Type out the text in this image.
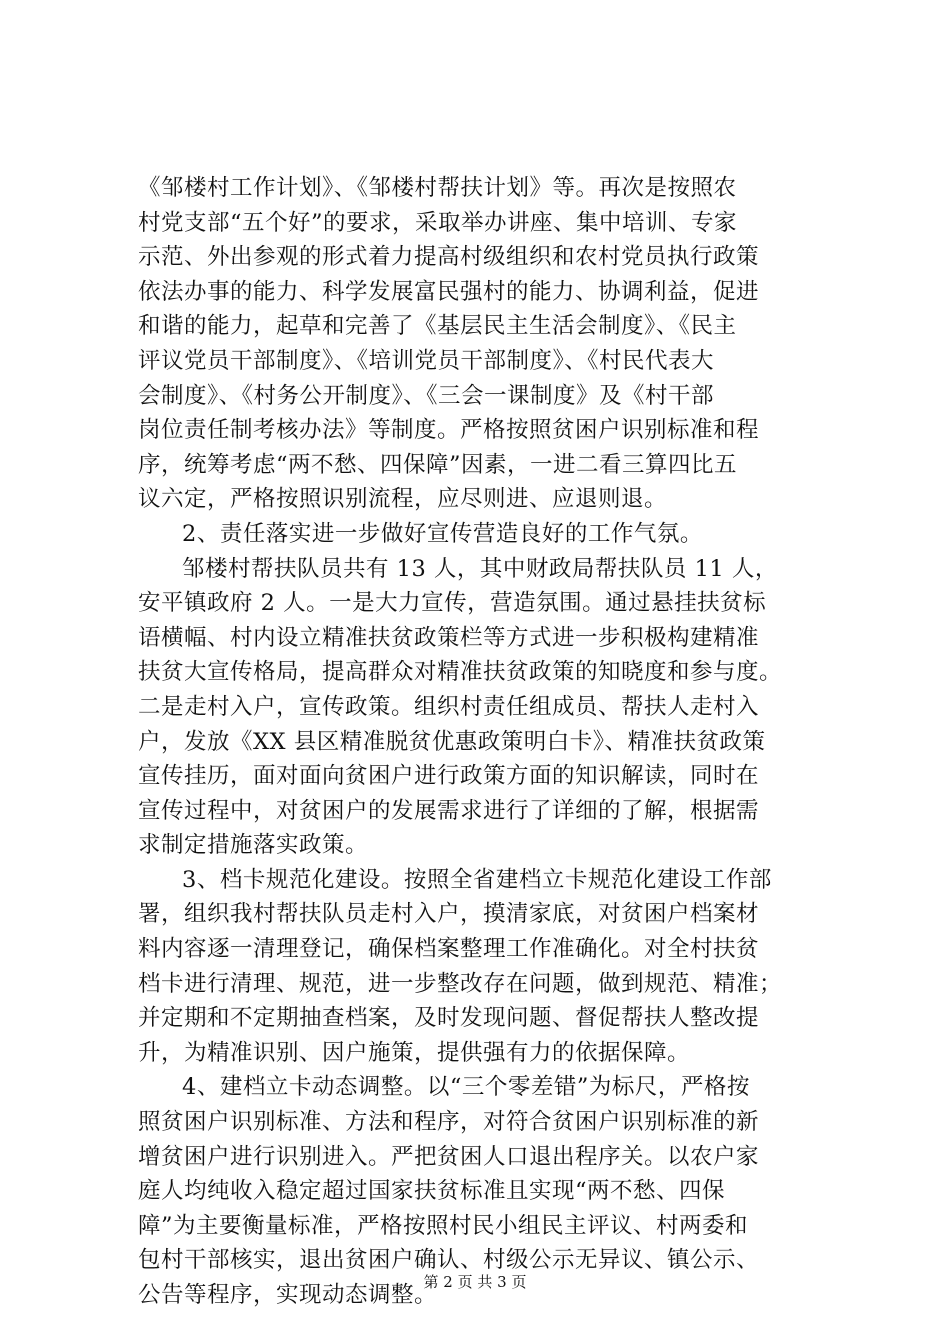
《邹楼村工作计划》、《邹楼村帮扶计划》等。再次是按照农
村党支部“五个好”的要求，采取举办讲座、集中培训、专家
示范、外出参观的形式着力提高村级组织和农村党员执行政策
依法办事的能力、科学发展富民强村的能力、协调利益，促进
和谐的能力，起草和完善了《基层民主生活会制度》、《民主
评议党员干部制度》、《培训党员干部制度》、《村民代表大
会制度》、《村务公开制度》、《三会一课制度》及《村干部
岗位责任制考核办法》等制度。严格按照贫困户识别标准和程
序，统筹考虑“两不愁、四保障”因素，一进二看三算四比五
议六定，严格按照识别流程，应尽则进、应退则退。
2、责任落实进一步做好宣传营造良好的工作气氛。
邹楼村帮扶队员共有 13 人，其中财政局帮扶队员 11 人，
安平镇政府 2 人。一是大力宣传，营造氛围。通过悬挂扶贫标
语横幅、村内设立精准扶贫政策栏等方式进一步积极构建精准
扶贫大宣传格局，提高群众对精准扶贫政策的知晓度和参与度。
二是走村入户，宣传政策。组织村责任组成员、帮扶人走村入
户，发放《XX 县区精准脱贫优惠政策明白卡》、精准扶贫政策
宣传挂历，面对面向贫困户进行政策方面的知识解读，同时在
宣传过程中，对贫困户的发展需求进行了详细的了解，根据需
求制定措施落实政策。
3、档卡规范化建设。按照全省建档立卡规范化建设工作部
署，组织我村帮扶队员走村入户，摸清家底，对贫困户档案材
料内容逐一清理登记，确保档案整理工作准确化。对全村扶贫
档卡进行清理、规范，进一步整改存在问题，做到规范、精准；
并定期和不定期抽查档案，及时发现问题、督促帮扶人整改提
升，为精准识别、因户施策，提供强有力的依据保障。
4、建档立卡动态调整。以“三个零差错”为标尺，严格按
照贫困户识别标准、方法和程序，对符合贫困户识别标准的新
增贫困户进行识别进入。严把贫困人口退出程序关。以农户家
庭人均纯收入稳定超过国家扶贫标准且实现“两不愁、四保
障”为主要衡量标准，严格按照村民小组民主评议、村两委和
包村干部核实，退出贫困户确认、村级公示无异议、镇公示、
公告等程序，实现动态调整。
第 2 页 共 3 页
